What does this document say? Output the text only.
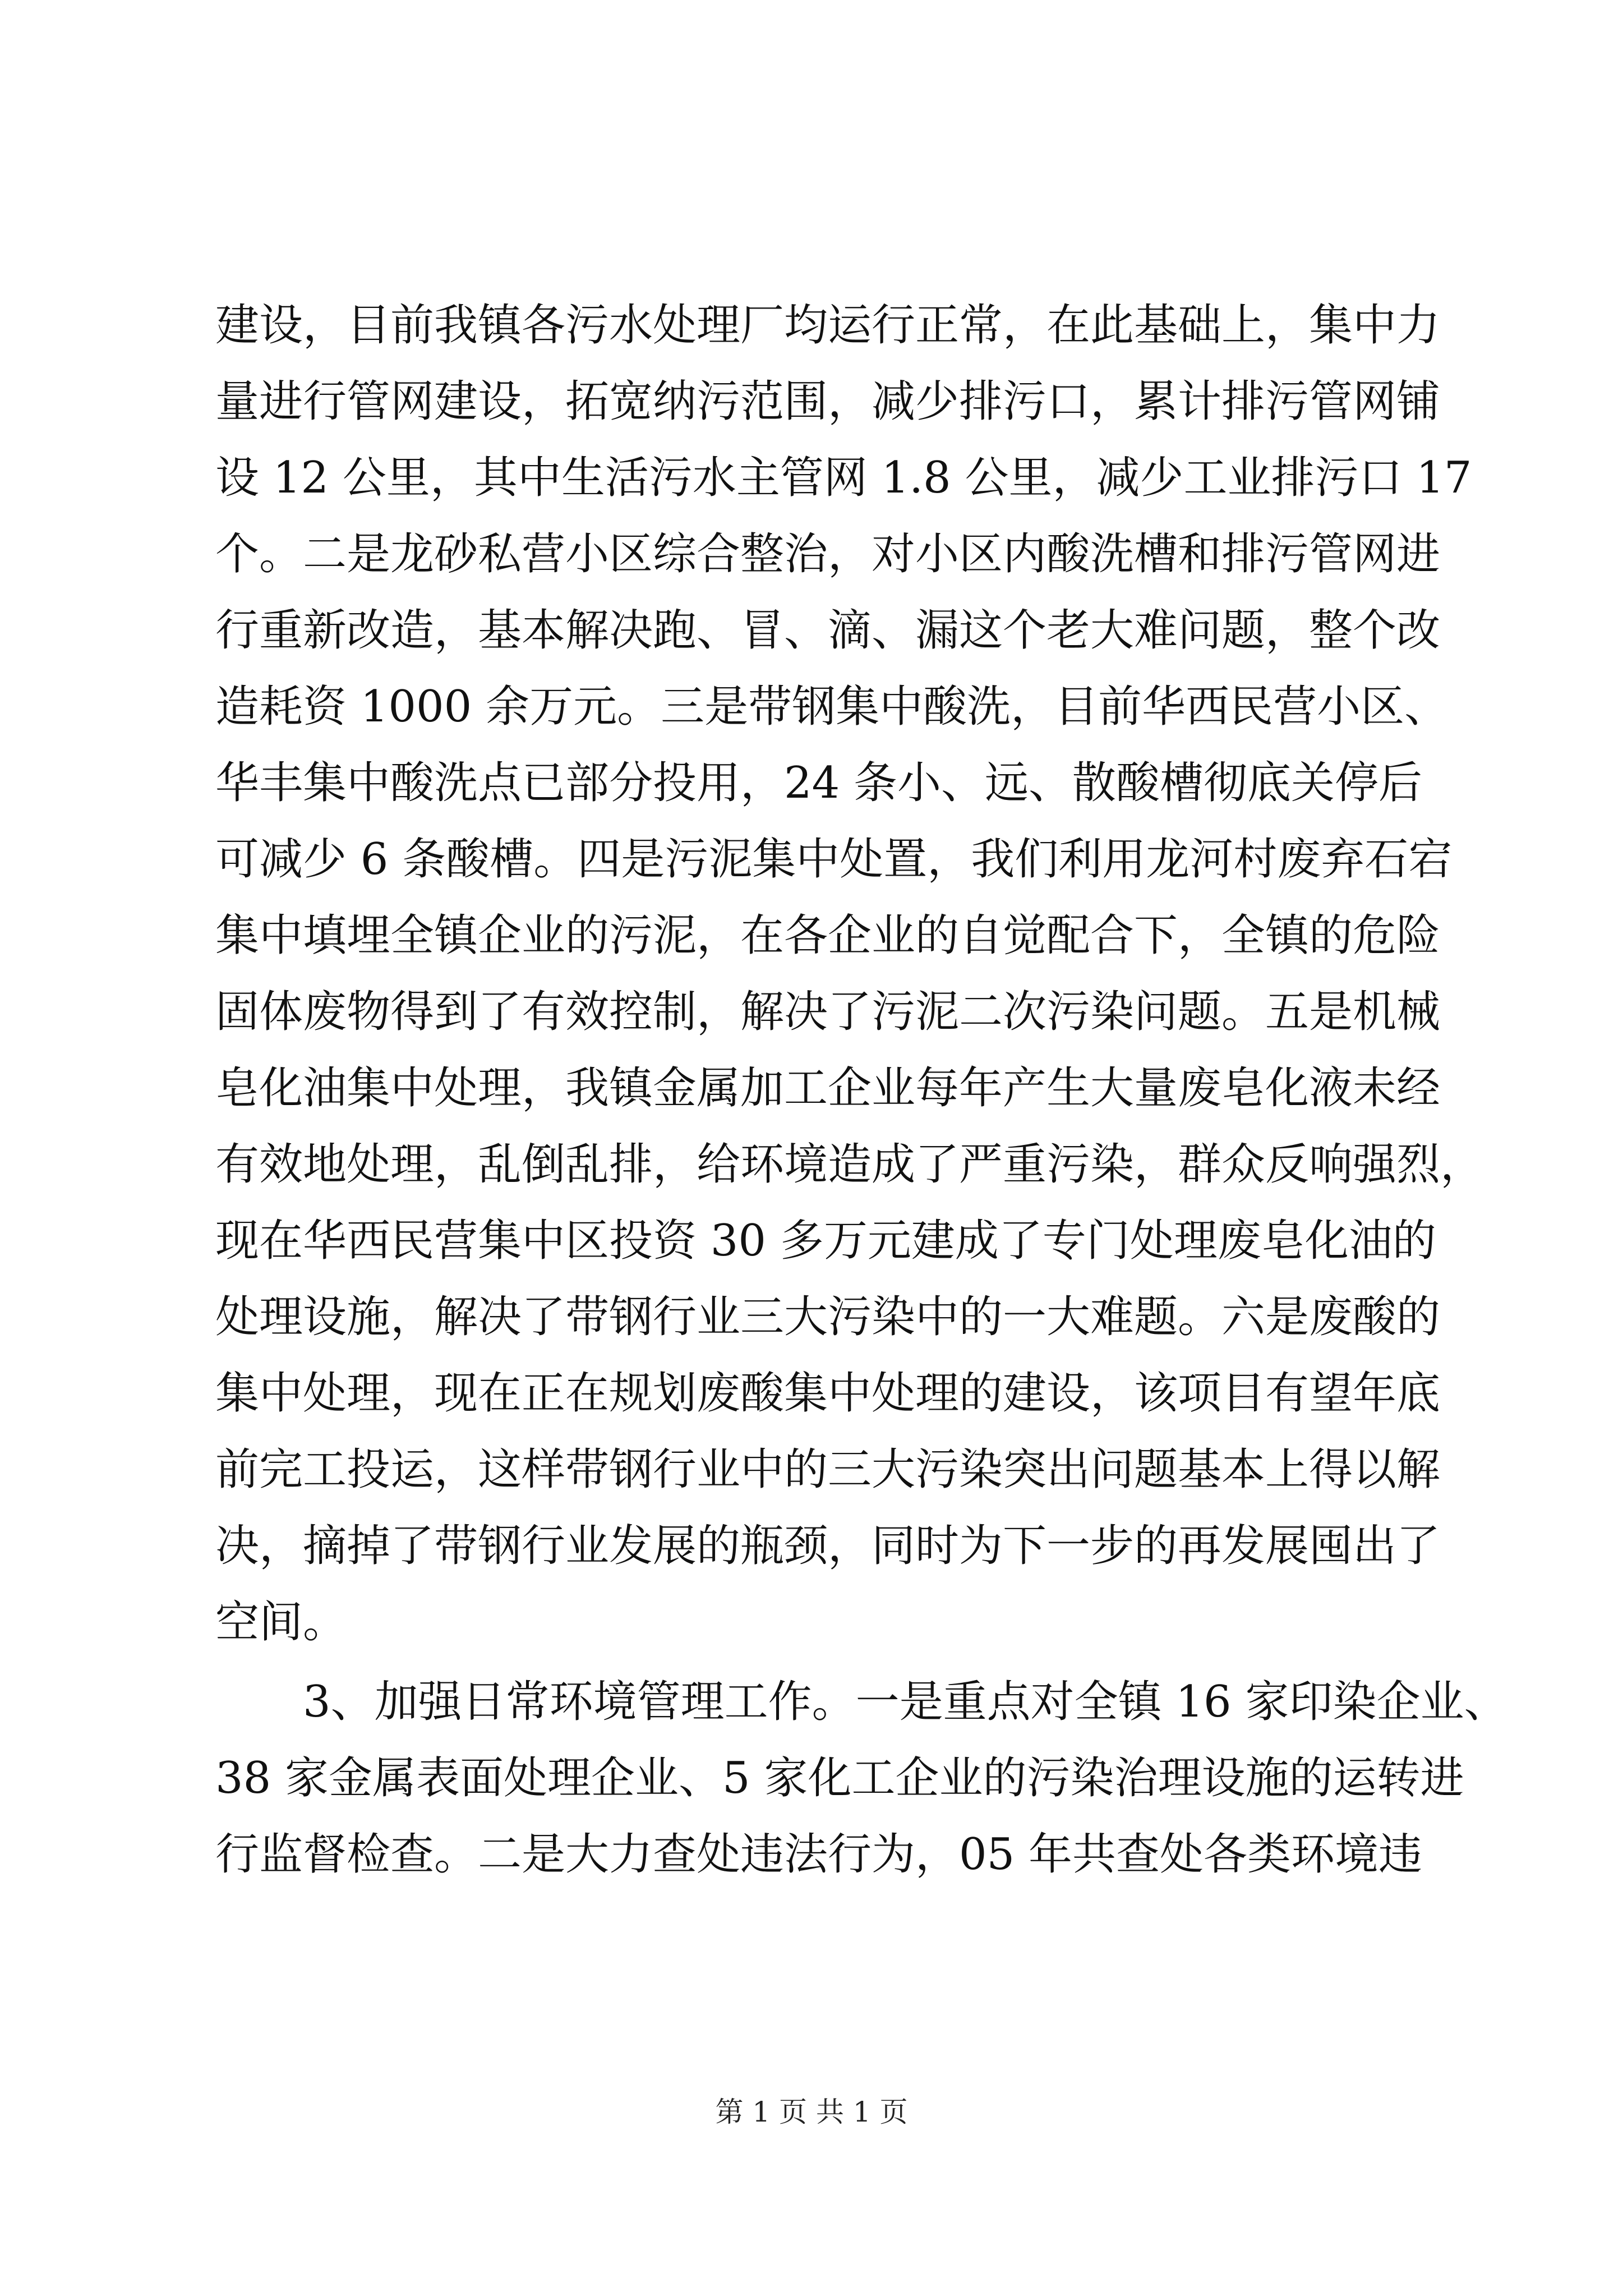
建设，目前我镇各污水处理厂均运行正常，在此基础上，集中力
量进行管网建设，拓宽纳污范围，减少排污口，累计排污管网铺
设 12 公里，其中生活污水主管网 1.8 公里，减少工业排污口 17
个。二是龙砂私营小区综合整治，对小区内酸洗槽和排污管网进
行重新改造，基本解决跑、冒、滴、漏这个老大难问题，整个改
造耗资 1000 余万元。三是带钢集中酸洗，目前华西民营小区、
华丰集中酸洗点已部分投用，24 条小、远、散酸槽彻底关停后
可减少 6 条酸槽。四是污泥集中处置，我们利用龙河村废弃石宕
集中填埋全镇企业的污泥，在各企业的自觉配合下，全镇的危险
固体废物得到了有效控制，解决了污泥二次污染问题。五是机械
皂化油集中处理，我镇金属加工企业每年产生大量废皂化液未经
有效地处理，乱倒乱排，给环境造成了严重污染，群众反响强烈，
现在华西民营集中区投资 30 多万元建成了专门处理废皂化油的
处理设施，解决了带钢行业三大污染中的一大难题。六是废酸的
集中处理，现在正在规划废酸集中处理的建设，该项目有望年底
前完工投运，这样带钢行业中的三大污染突出问题基本上得以解
决，摘掉了带钢行业发展的瓶颈，同时为下一步的再发展囤出了
空间。
　　3、加强日常环境管理工作。一是重点对全镇 16 家印染企业、
38 家金属表面处理企业、5 家化工企业的污染治理设施的运转进
行监督检查。二是大力查处违法行为，05 年共查处各类环境违
第 1 页 共 1 页
